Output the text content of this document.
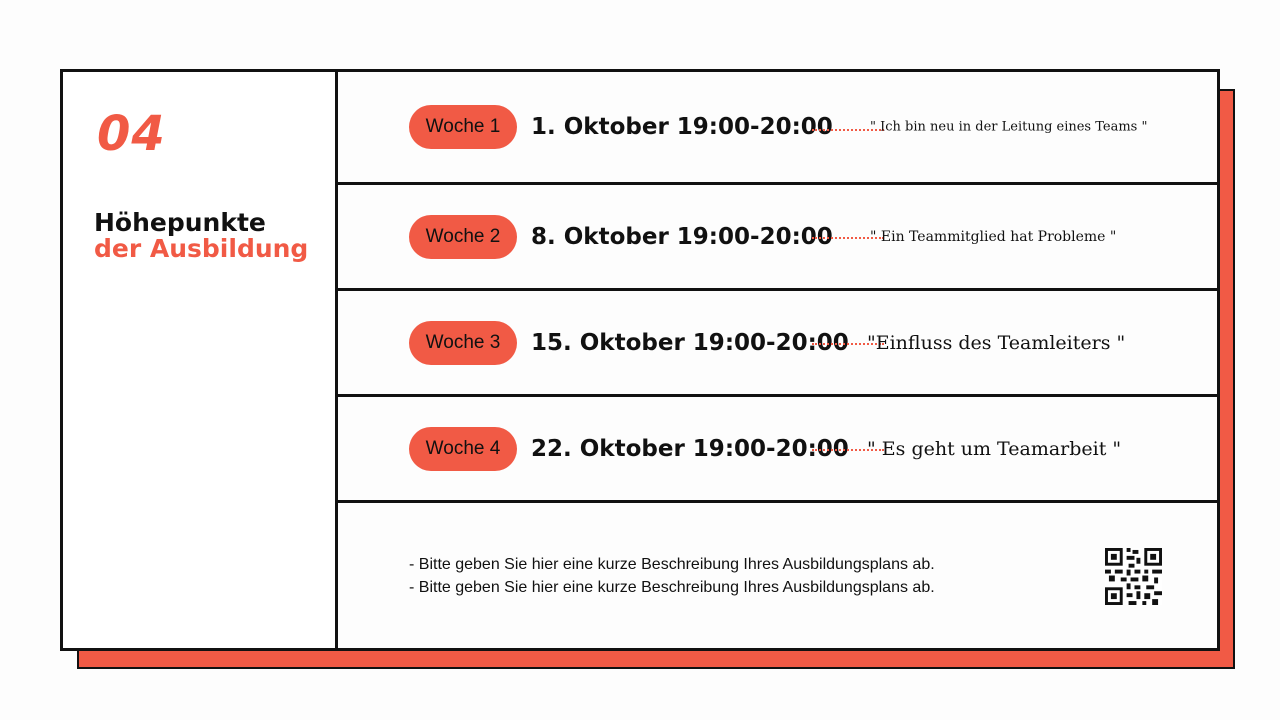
04
Höhepunkte
der Ausbildung
Woche 1	1. Oktober 19:00-20:00	" Ich bin neu in der Leitung eines Teams "
Woche 2	8. Oktober 19:00-20:00	" Ein Teammitglied hat Probleme "
Woche 3	15. Oktober 19:00-20:00 "Einfluss des Teamleiters "
Woche 4	22. Oktober 19:00-20:00 " Es geht um Teamarbeit "
- Bitte geben Sie hier eine kurze Beschreibung Ihres Ausbildungsplans ab.
- Bitte geben Sie hier eine kurze Beschreibung Ihres Ausbildungsplans ab.
